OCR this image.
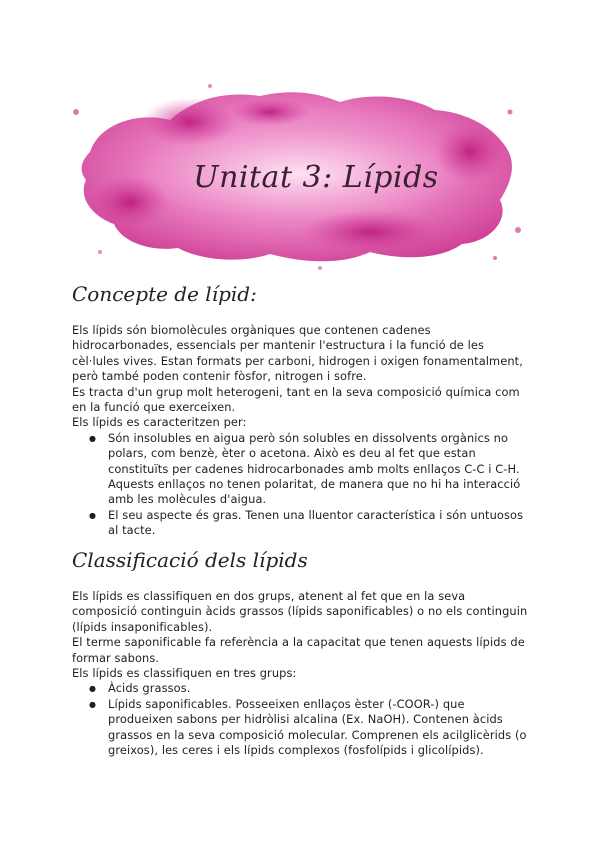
Unitat 3: Lípids
Concepte de lípid:

Els lípids són biomolècules orgàniques que contenen cadenes hidrocarbonades, essencials per mantenir l'estructura i la funció de les cèl·lules vives. Estan formats per carboni, hidrogen i oxigen fonamentalment, però també poden contenir fòsfor, nitrogen i sofre.

Es tracta d'un grup molt heterogeni, tant en la seva composició química com en la funció que exerceixen.

Els lípids es caracteritzen per:

● Són insolubles en aigua però són solubles en dissolvents orgànics no polars, com benzè, èter o acetona. Això es deu al fet que estan constituïts per cadenes hidrocarbonades amb molts enllaços C-C i C-H. Aquests enllaços no tenen polaritat, de manera que no hi ha interacció amb les molècules d'aigua.
● El seu aspecte és gras. Tenen una lluentor característica i són untuosos al tacte.
Classificació dels lípids

Els lípids es classifiquen en dos grups, atenent al fet que en la seva composició continguin àcids grassos (lípids saponificables) o no els continguin (lípids insaponificables).

El terme saponificable fa referència a la capacitat que tenen aquests lípids de formar sabons.

Els lípids es classifiquen en tres grups:

● Àcids grassos.
● Lípids saponificables. Posseeixen enllaços èster (-COOR-) que produeixen sabons per hidròlisi alcalina (Ex. NaOH). Contenen àcids grassos en la seva composició molecular. Comprenen els acilglicèrids (o greixos), les ceres i els lípids complexos (fosfolípids i glicolípids).
